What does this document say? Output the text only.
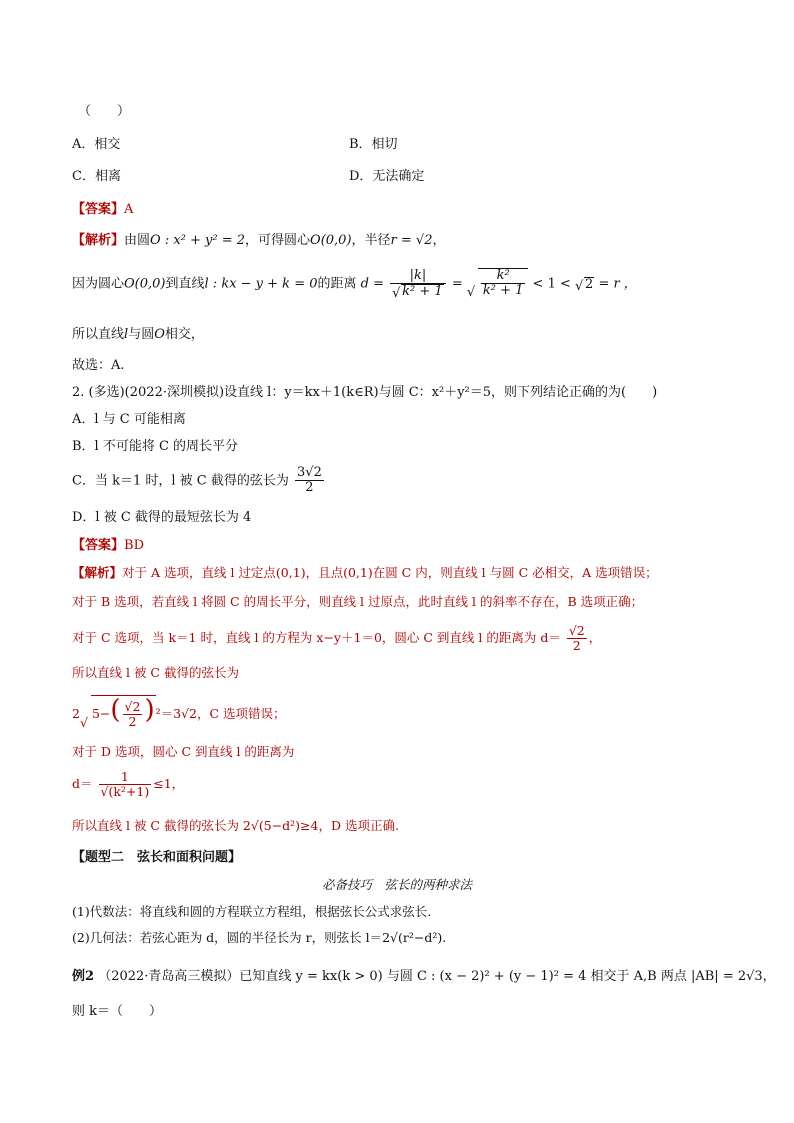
（　　）
A．相交	B．相切
C．相离	D．无法确定
【答案】A
【解析】由圆O : x² + y² = 2，可得圆心O(0,0)，半径r = √2，
因为圆心O(0,0)到直线l : kx − y + k = 0的距离 d = |k|
√ k² + 1 = √ $\frac{\text{k²}}{\text{k² + 1}} < 1$ < √ 2 = r ，
所以直线l与圆O相交，
故选：A.
2. (多选)(2022·深圳模拟)设直线 l：y＝kx＋1(k∈R)与圆 C：x²＋y²＝5，则下列结论正确的为(　　)
A．l 与 C 可能相离
B．l 不可能将 C 的周长平分
C．当 k＝1 时，l 被 C 截得的弦长为 $\frac{3√2}{2}$
D．l 被 C 截得的最短弦长为 4
【答案】BD
【解析】对于 A 选项，直线 l 过定点(0,1)，且点(0,1)在圆 C 内，则直线 l 与圆 C 必相交，A 选项错误；
对于 B 选项，若直线 l 将圆 C 的周长平分，则直线 l 过原点，此时直线 l 的斜率不存在，B 选项正确；
对于 C 选项，当 k＝1 时，直线 l 的方程为 x−y＋1＝0，圆心 C 到直线 l 的距离为 $d= \frac{√2}{2}$ ，
所以直线 l 被 C 截得的弦长为
2 √ $5-( \frac{√2}{2} )^2=3√2$，C 选项错误；
对于 D 选项，圆心 C 到直线 l 的距离为
$d= \frac{1}{\text{√(k²+1)}} \le 1$，
所以直线 l 被 C 截得的弦长为 2√(5−d²)≥4，D 选项正确.
【题型二　弦长和面积问题】
必备技巧　弦长的两种求法
(1)代数法：将直线和圆的方程联立方程组，根据弦长公式求弦长.
(2)几何法：若弦心距为 d，圆的半径长为 r，则弦长 l＝2√(r²−d²).
例2 （2022·青岛高三模拟）已知直线 y = kx(k > 0) 与圆 C : (x − 2)² + (y − 1)² = 4 相交于 A,B 两点 |AB| = 2√3，
则 k＝（　　）
